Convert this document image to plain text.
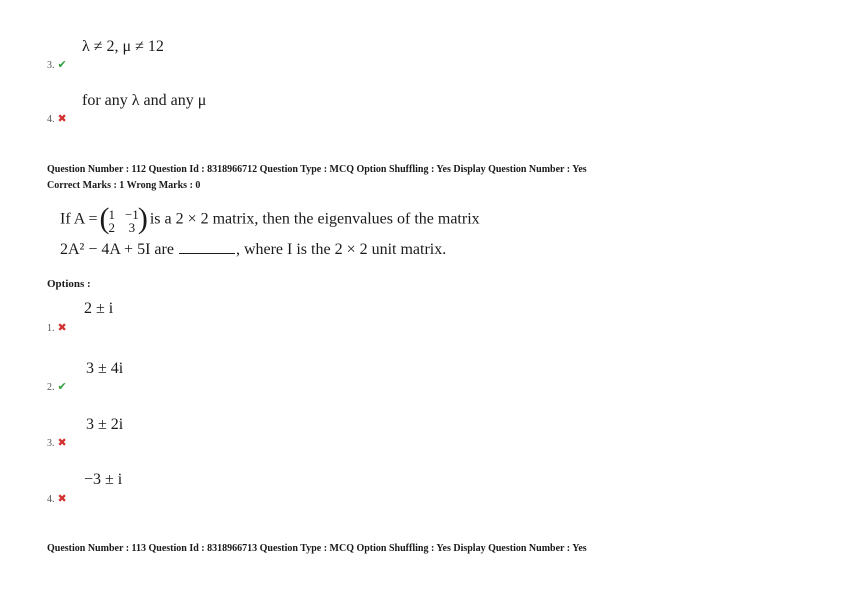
λ ≠ 2, μ ≠ 12
3. ✔
for any λ and any μ
4. ✖
Question Number : 112 Question Id : 8318966712 Question Type : MCQ Option Shuffling : Yes Display Question Number : Yes
Correct Marks : 1 Wrong Marks : 0
If A =
( 1 −1
2 3 )
is a 2 × 2 matrix, then the eigenvalues of the matrix
2A² − 4A + 5I are	, where I is the 2 × 2 unit matrix.
Options :
2 ± i
1. ✖
3 ± 4i
2. ✔
3 ± 2i
3. ✖
−3 ± i
4. ✖
Question Number : 113 Question Id : 8318966713 Question Type : MCQ Option Shuffling : Yes Display Question Number : Yes
